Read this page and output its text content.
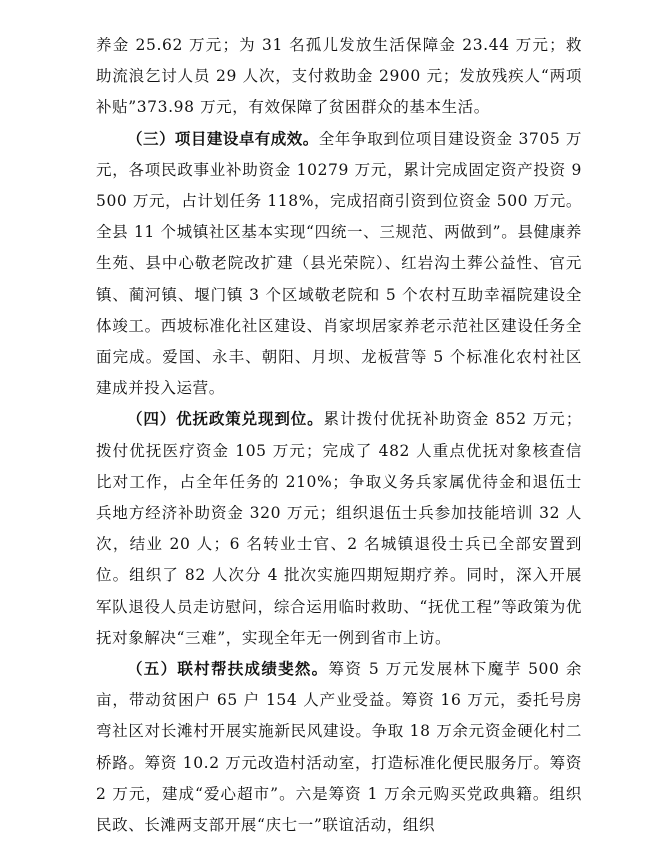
养金 25.62 万元；为 31 名孤儿发放生活保障金 23.44 万元；救助流浪乞讨人员 29 人次，支付救助金 2900 元；发放残疾人“两项补贴”373.98 万元，有效保障了贫困群众的基本生活。

（三）项目建设卓有成效。全年争取到位项目建设资金 3705 万元，各项民政事业补助资金 10279 万元，累计完成固定资产投资 9500 万元，占计划任务 118%，完成招商引资到位资金 500 万元。全县 11 个城镇社区基本实现“四统一、三规范、两做到”。县健康养生苑、县中心敬老院改扩建（县光荣院）、红岩沟土葬公益性、官元镇、蔺河镇、堰门镇 3 个区域敬老院和 5 个农村互助幸福院建设全体竣工。西坡标准化社区建设、肖家坝居家养老示范社区建设任务全面完成。爱国、永丰、朝阳、月坝、龙板营等 5 个标准化农村社区建成并投入运营。

（四）优抚政策兑现到位。累计拨付优抚补助资金 852 万元；拨付优抚医疗资金 105 万元；完成了 482 人重点优抚对象核查信比对工作，占全年任务的 210%；争取义务兵家属优待金和退伍士兵地方经济补助资金 320 万元；组织退伍士兵参加技能培训 32 人次，结业 20 人；6 名转业士官、2 名城镇退役士兵已全部安置到位。组织了 82 人次分 4 批次实施四期短期疗养。同时，深入开展军队退役人员走访慰问，综合运用临时救助、“抚优工程”等政策为优抚对象解决“三难”，实现全年无一例到省市上访。

（五）联村帮扶成绩斐然。筹资 5 万元发展林下魔芋 500 余亩，带动贫困户 65 户 154 人产业受益。筹资 16 万元，委托号房弯社区对长滩村开展实施新民风建设。争取 18 万余元资金硬化村二桥路。筹资 10.2 万元改造村活动室，打造标准化便民服务厅。筹资 2 万元，建成“爱心超市”。六是筹资 1 万余元购买党政典籍。组织民政、长滩两支部开展“庆七一”联谊活动，组织
